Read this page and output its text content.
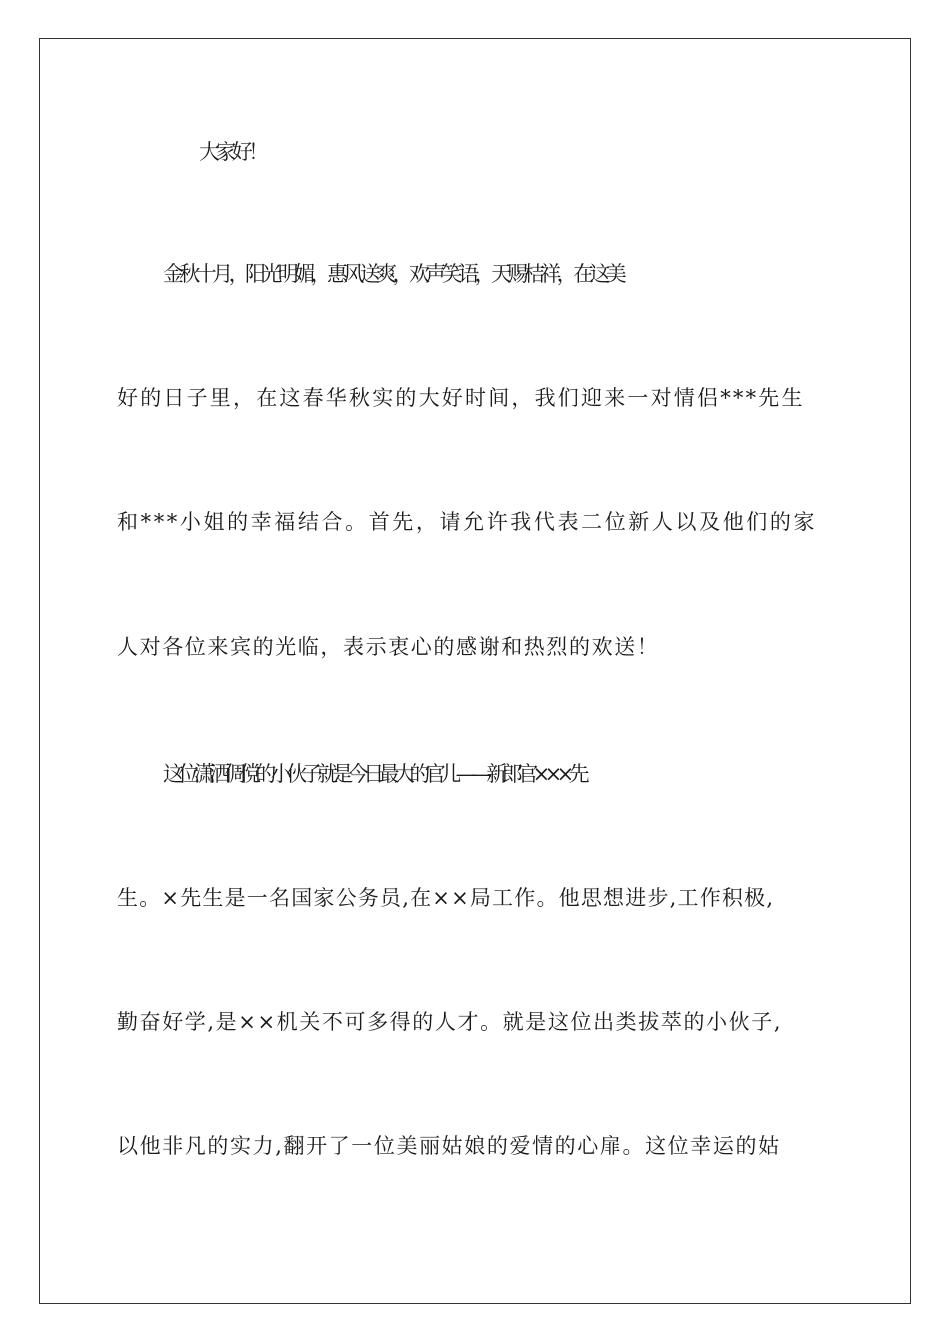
大家好！
金秋十月，阳光明媚，惠风送爽，欢声笑语，天赐桔祥，在这美
好的日子里，在这春华秋实的大好时间，我们迎来一对情侣***先生
和***小姐的幸福结合。首先，请允许我代表二位新人以及他们的家
人对各位来宾的光临，表示衷心的感谢和热烈的欢送！
这位潇洒倜傥的小伙子就是今日最大的官儿——新郎官×××先
生。×先生是一名国家公务员,在××局工作。他思想进步,工作积极,
勤奋好学,是××机关不可多得的人才。就是这位出类拔萃的小伙子,
以他非凡的实力,翻开了一位美丽姑娘的爱情的心扉。这位幸运的姑
